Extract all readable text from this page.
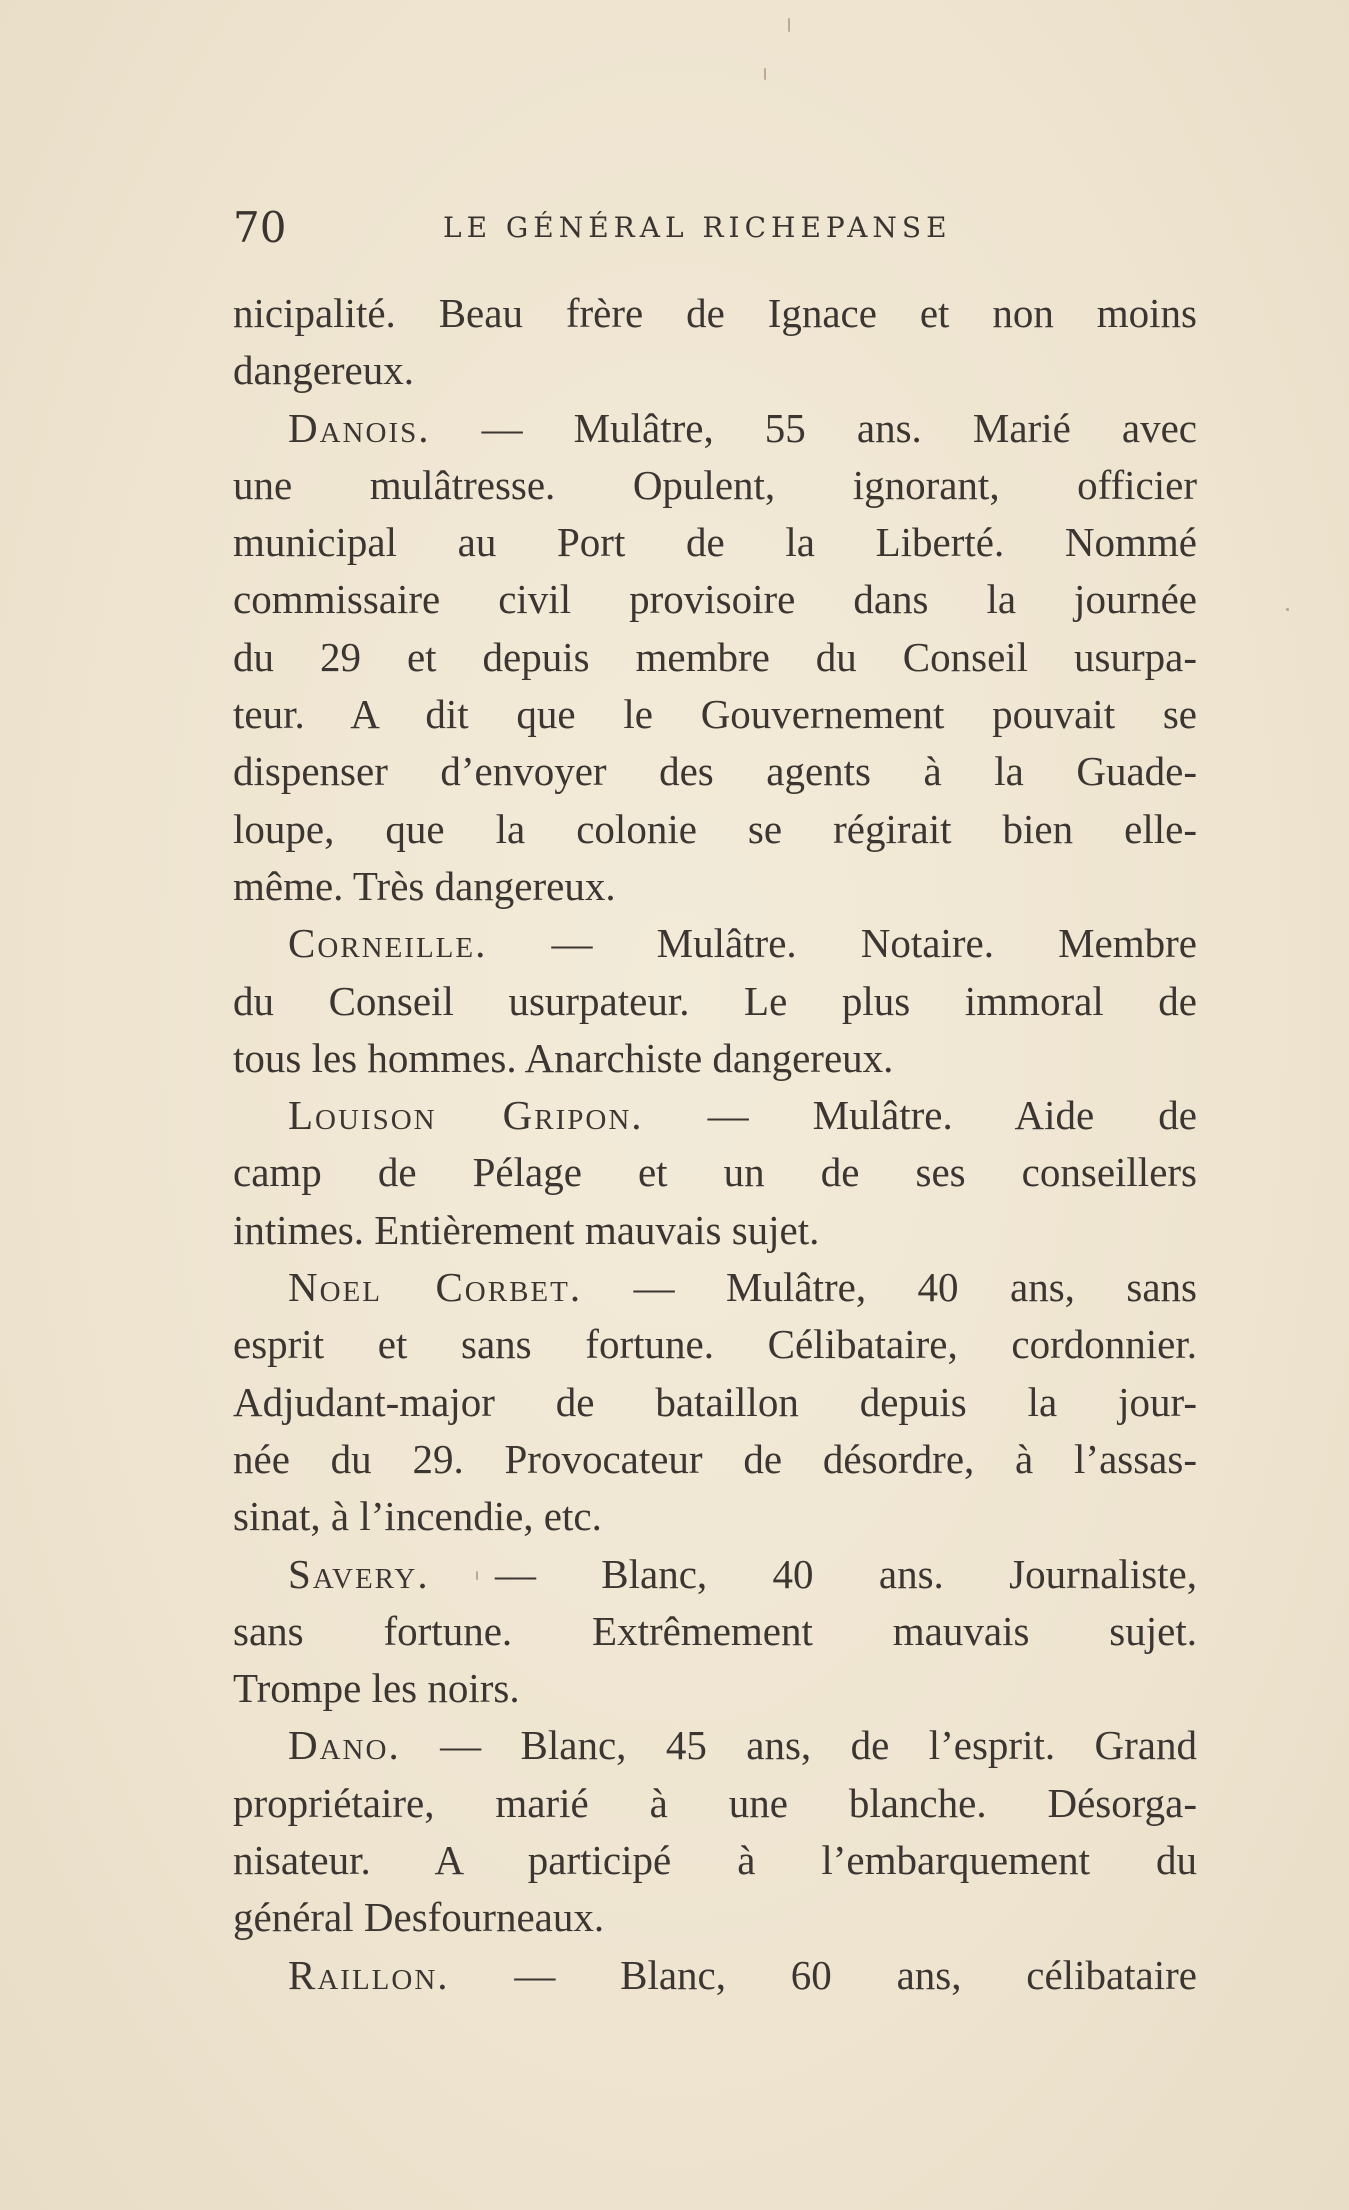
70	LE GÉNÉRAL RICHEPANSE
nicipalité. Beau frère de Ignace et non moins
dangereux.
Danois. — Mulâtre, 55 ans. Marié avec
une mulâtresse. Opulent, ignorant, officier
municipal au Port de la Liberté. Nommé
commissaire civil provisoire dans la journée
du 29 et depuis membre du Conseil usurpa-
teur. A dit que le Gouvernement pouvait se
dispenser d’envoyer des agents à la Guade-
loupe, que la colonie se régirait bien elle-
même. Très dangereux.
Corneille. — Mulâtre. Notaire. Membre
du Conseil usurpateur. Le plus immoral de
tous les hommes. Anarchiste dangereux.
Louison Gripon. — Mulâtre. Aide de
camp de Pélage et un de ses conseillers
intimes. Entièrement mauvais sujet.
Noel Corbet. — Mulâtre, 40 ans, sans
esprit et sans fortune. Célibataire, cordonnier.
Adjudant-major de bataillon depuis la jour-
née du 29. Provocateur de désordre, à l’assas-
sinat, à l’incendie, etc.
Savery. — Blanc, 40 ans. Journaliste,
sans fortune. Extrêmement mauvais sujet.
Trompe les noirs.
Dano. — Blanc, 45 ans, de l’esprit. Grand
propriétaire, marié à une blanche. Désorga-
nisateur. A participé à l’embarquement du
général Desfourneaux.
Raillon. — Blanc, 60 ans, célibataire
